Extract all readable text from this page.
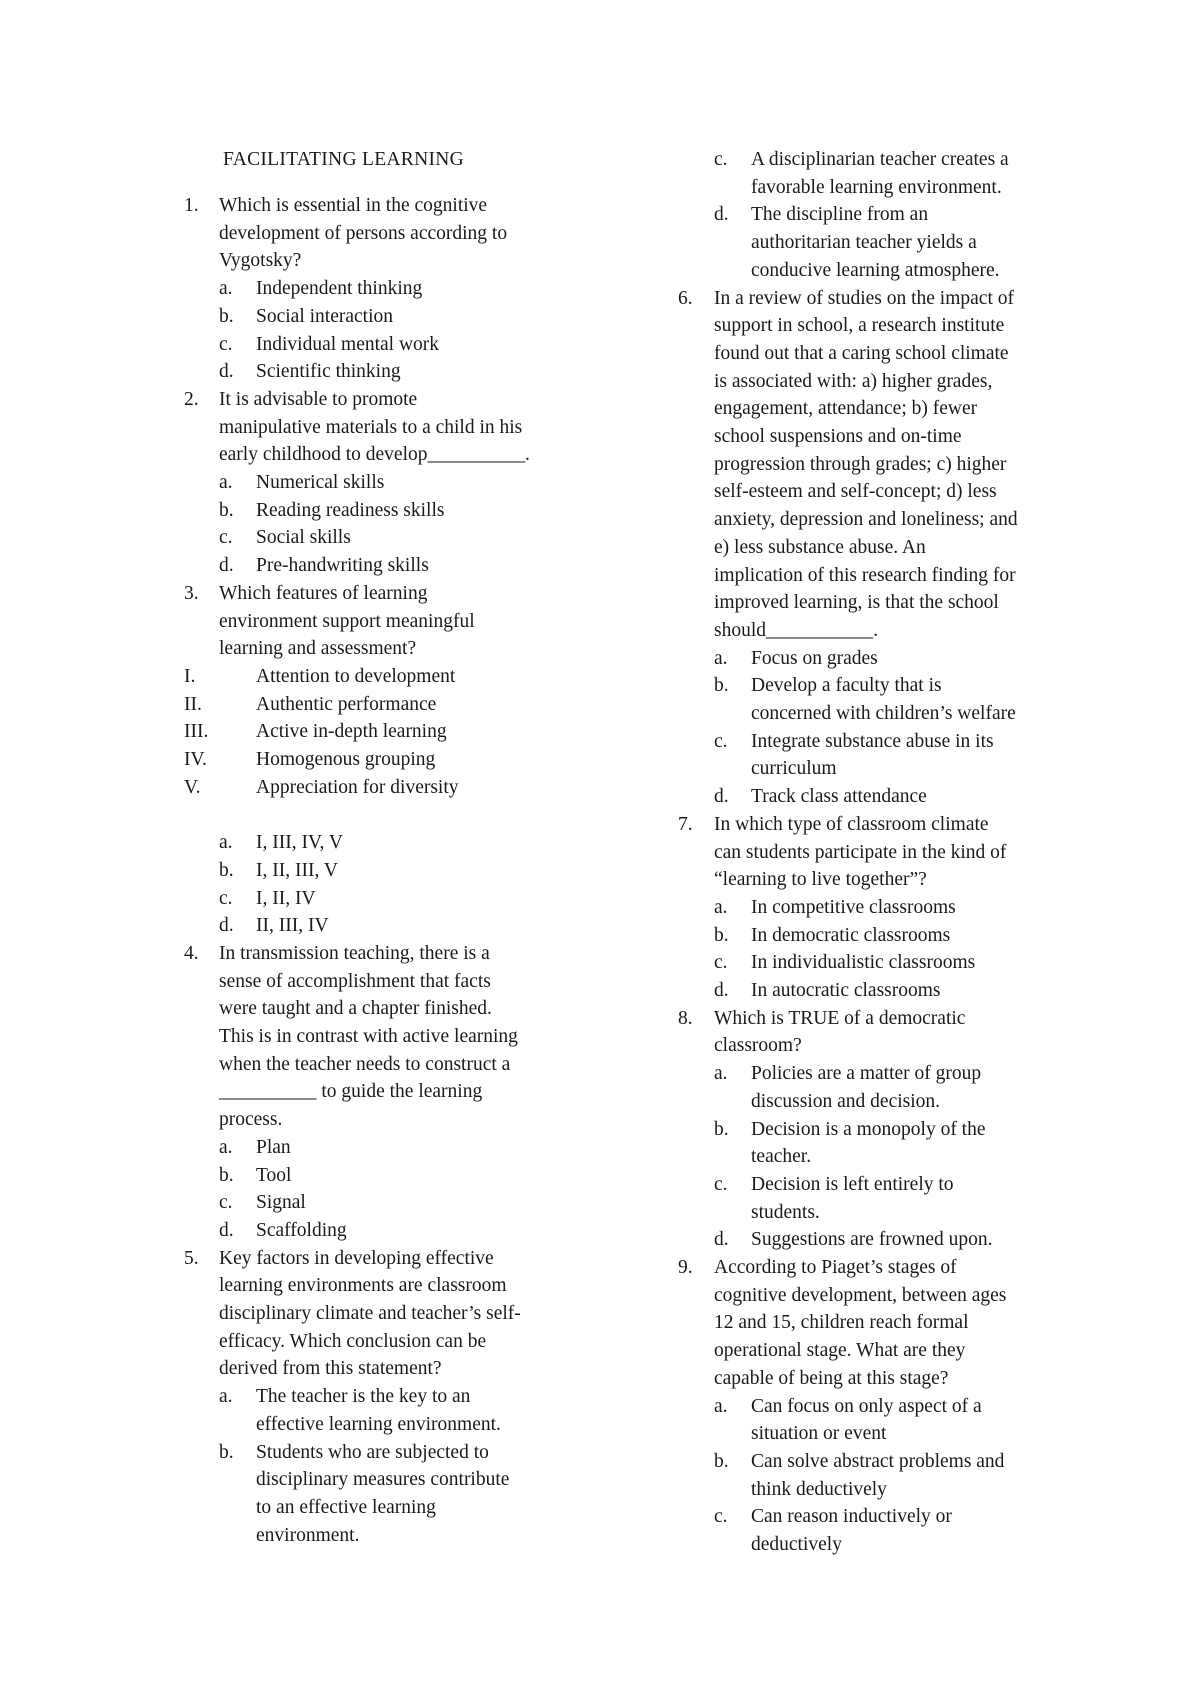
FACILITATING LEARNING
1. Which is essential in the cognitive
development of persons according to
Vygotsky?
a. Independent thinking
b. Social interaction
c. Individual mental work
d. Scientific thinking
2. It is advisable to promote
manipulative materials to a child in his
early childhood to develop__________.
a. Numerical skills
b. Reading readiness skills
c. Social skills
d. Pre-handwriting skills
3. Which features of learning
environment support meaningful
learning and assessment?
I.	Attention to development
II.	Authentic performance
III. Active in-depth learning
IV.	Homogenous grouping
V.	Appreciation for diversity
a. I, III, IV, V
b. I, II, III, V
c. I, II, IV
d. II, III, IV
4. In transmission teaching, there is a
sense of accomplishment that facts
were taught and a chapter finished.
This is in contrast with active learning
when the teacher needs to construct a
__________ to guide the learning
process.
a. Plan
b. Tool
c. Signal
d. Scaffolding
5. Key factors in developing effective
learning environments are classroom
disciplinary climate and teacher’s self-
efficacy. Which conclusion can be
derived from this statement?
a. The teacher is the key to an
effective learning environment.
b. Students who are subjected to
disciplinary measures contribute
to an effective learning
environment.
c. A disciplinarian teacher creates a
favorable learning environment.
d. The discipline from an
authoritarian teacher yields a
conducive learning atmosphere.
6. In a review of studies on the impact of
support in school, a research institute
found out that a caring school climate
is associated with: a) higher grades,
engagement, attendance; b) fewer
school suspensions and on-time
progression through grades; c) higher
self-esteem and self-concept; d) less
anxiety, depression and loneliness; and
e) less substance abuse. An
implication of this research finding for
improved learning, is that the school
should___________.
a. Focus on grades
b. Develop a faculty that is
concerned with children’s welfare
c. Integrate substance abuse in its
curriculum
d. Track class attendance
7. In which type of classroom climate
can students participate in the kind of
“learning to live together”?
a. In competitive classrooms
b. In democratic classrooms
c. In individualistic classrooms
d. In autocratic classrooms
8. Which is TRUE of a democratic
classroom?
a. Policies are a matter of group
discussion and decision.
b. Decision is a monopoly of the
teacher.
c. Decision is left entirely to
students.
d. Suggestions are frowned upon.
9. According to Piaget’s stages of
cognitive development, between ages
12 and 15, children reach formal
operational stage. What are they
capable of being at this stage?
a. Can focus on only aspect of a
situation or event
b. Can solve abstract problems and
think deductively
c. Can reason inductively or
deductively
